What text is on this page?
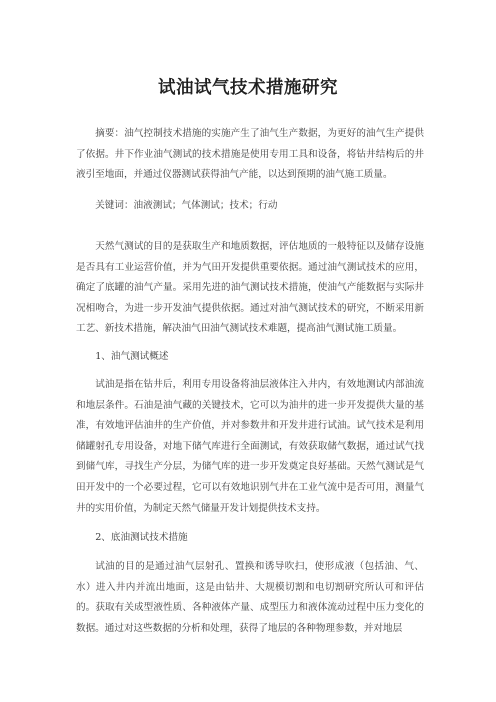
试油试气技术措施研究

摘要：油气控制技术措施的实施产生了油气生产数据，为更好的油气生产提供了依据。井下作业油气测试的技术措施是使用专用工具和设备，将钻井结构后的井液引至地面，并通过仪器测试获得油气产能，以达到预期的油气施工质量。

关键词：油液测试；气体测试；技术；行动

天然气测试的目的是获取生产和地质数据，评估地质的一般特征以及储存设施是否具有工业运营价值，并为气田开发提供重要依据。通过油气测试技术的应用，确定了底罐的油气产量。采用先进的油气测试技术措施，使油气产能数据与实际井况相吻合，为进一步开发油气提供依据。通过对油气测试技术的研究，不断采用新工艺、新技术措施，解决油气田油气测试技术难题，提高油气测试施工质量。

1、油气测试概述

试油是指在钻井后，利用专用设备将油层液体注入井内，有效地测试内部油流和地层条件。石油是油气藏的关键技术，它可以为油井的进一步开发提供大量的基准，有效地评估油井的生产价值，并对参数井和开发井进行试油。试气技术是利用储罐射孔专用设备，对地下储气库进行全面测试，有效获取储气数据，通过试气找到储气库，寻找生产分层，为储气库的进一步开发奠定良好基础。天然气测试是气田开发中的一个必要过程，它可以有效地识别气井在工业气流中是否可用，测量气井的实用价值，为制定天然气储量开发计划提供技术支持。

2、底油测试技术措施

试油的目的是通过油气层射孔、置换和诱导吹扫，使形成液（包括油、气、水）进入井内并流出地面，这是由钻井、大规模切割和电切割研究所认可和评估的。获取有关成型液性质、各种液体产量、成型压力和液体流动过程中压力变化的数据。通过对这些数据的分析和处理，获得了地层的各种物理参数，并对地层
